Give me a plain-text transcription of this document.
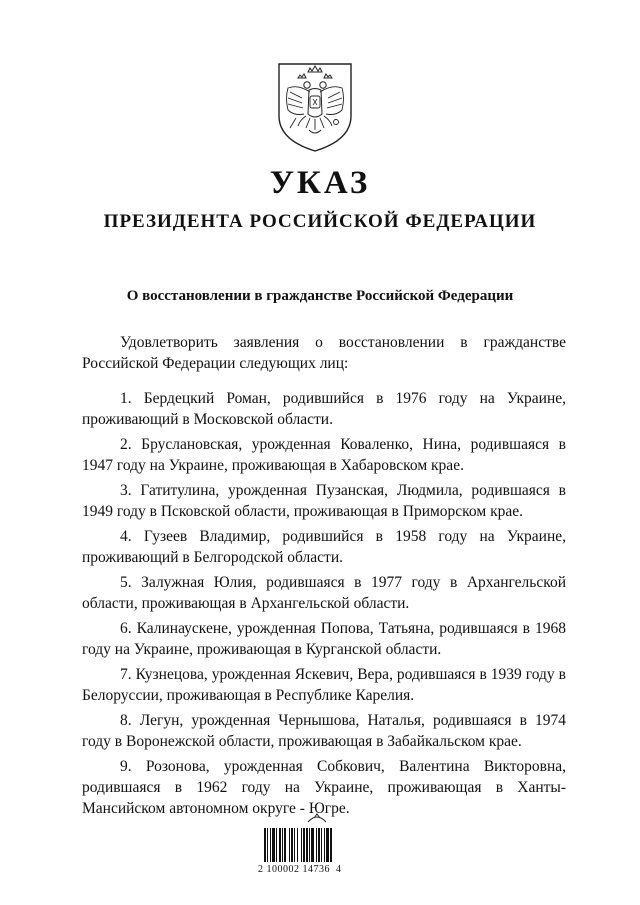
УКАЗ
ПРЕЗИДЕНТА РОССИЙСКОЙ ФЕДЕРАЦИИ
О восстановлении в гражданстве Российской Федерации

Удовлетворить заявления о восстановлении в гражданстве Российской Федерации следующих лиц:

1. Бердецкий Роман, родившийся в 1976 году на Украине, проживающий в Московской области.

2. Бруслановская, урожденная Коваленко, Нина, родившаяся в 1947 году на Украине, проживающая в Хабаровском крае.

3. Гатитулина, урожденная Пузанская, Людмила, родившаяся в 1949 году в Псковской области, проживающая в Приморском крае.

4. Гузеев Владимир, родившийся в 1958 году на Украине, проживающий в Белгородской области.

5. Залужная Юлия, родившаяся в 1977 году в Архангельской области, проживающая в Архангельской области.

6. Калинаускене, урожденная Попова, Татьяна, родившаяся в 1968 году на Украине, проживающая в Курганской области.

7. Кузнецова, урожденная Яскевич, Вера, родившаяся в 1939 году в Белоруссии, проживающая в Республике Карелия.

8. Легун, урожденная Чернышова, Наталья, родившаяся в 1974 году в Воронежской области, проживающая в Забайкальском крае.

9. Розонова, урожденная Собкович, Валентина Викторовна, родившаяся в 1962 году на Украине, проживающая в Ханты-Мансийском автономном округе - Югре.

2 100002 14736  4
